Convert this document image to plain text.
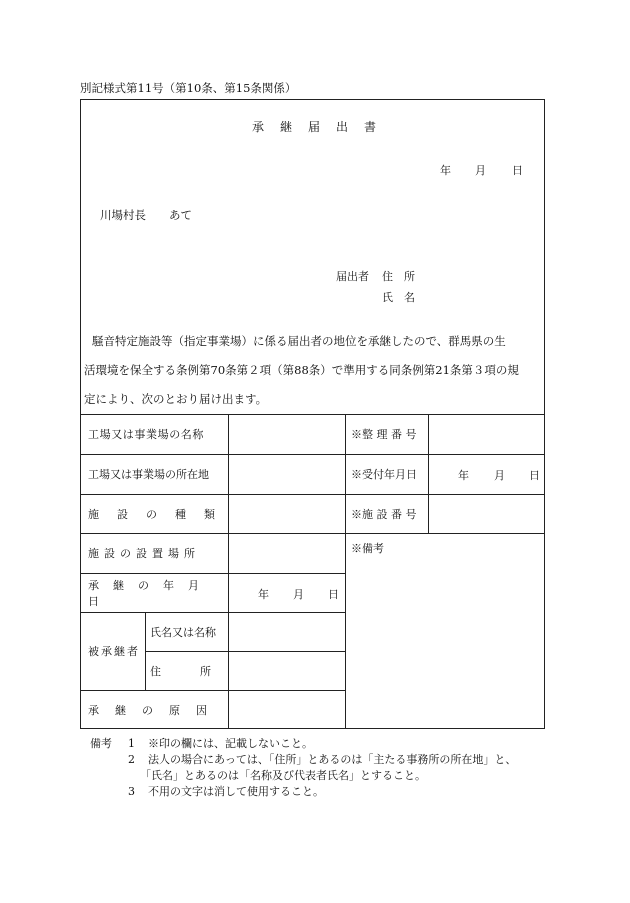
別記様式第11号（第10条、第15条関係）
承　継　届　出　書
年 月 日
川場村長　　あて
届出者 住　所
氏　名
騒音特定施設等（指定事業場）に係る届出者の地位を承継したので、群馬県の生
活環境を保全する条例第70条第２項（第88条）で準用する同条例第21条第３項の規
定により、次のとおり届け出ます。
工場又は事業場の名称
工場又は事業場の所在地
施　設　の　種　類
施設の設置場所
承　継　の　年　月　日
被承継者
氏名又は名称
住　　　所
承　継　の　原　因
年 月 日
※整 理 番 号
※受付年月日
※施 設 番 号
※備考
年 月 日
備考 1 ※印の欄には、記載しないこと。
2 法人の場合にあっては、「住所」とあるのは「主たる事務所の所在地」と、
「氏名」とあるのは「名称及び代表者氏名」とすること。
3 不用の文字は消して使用すること。
